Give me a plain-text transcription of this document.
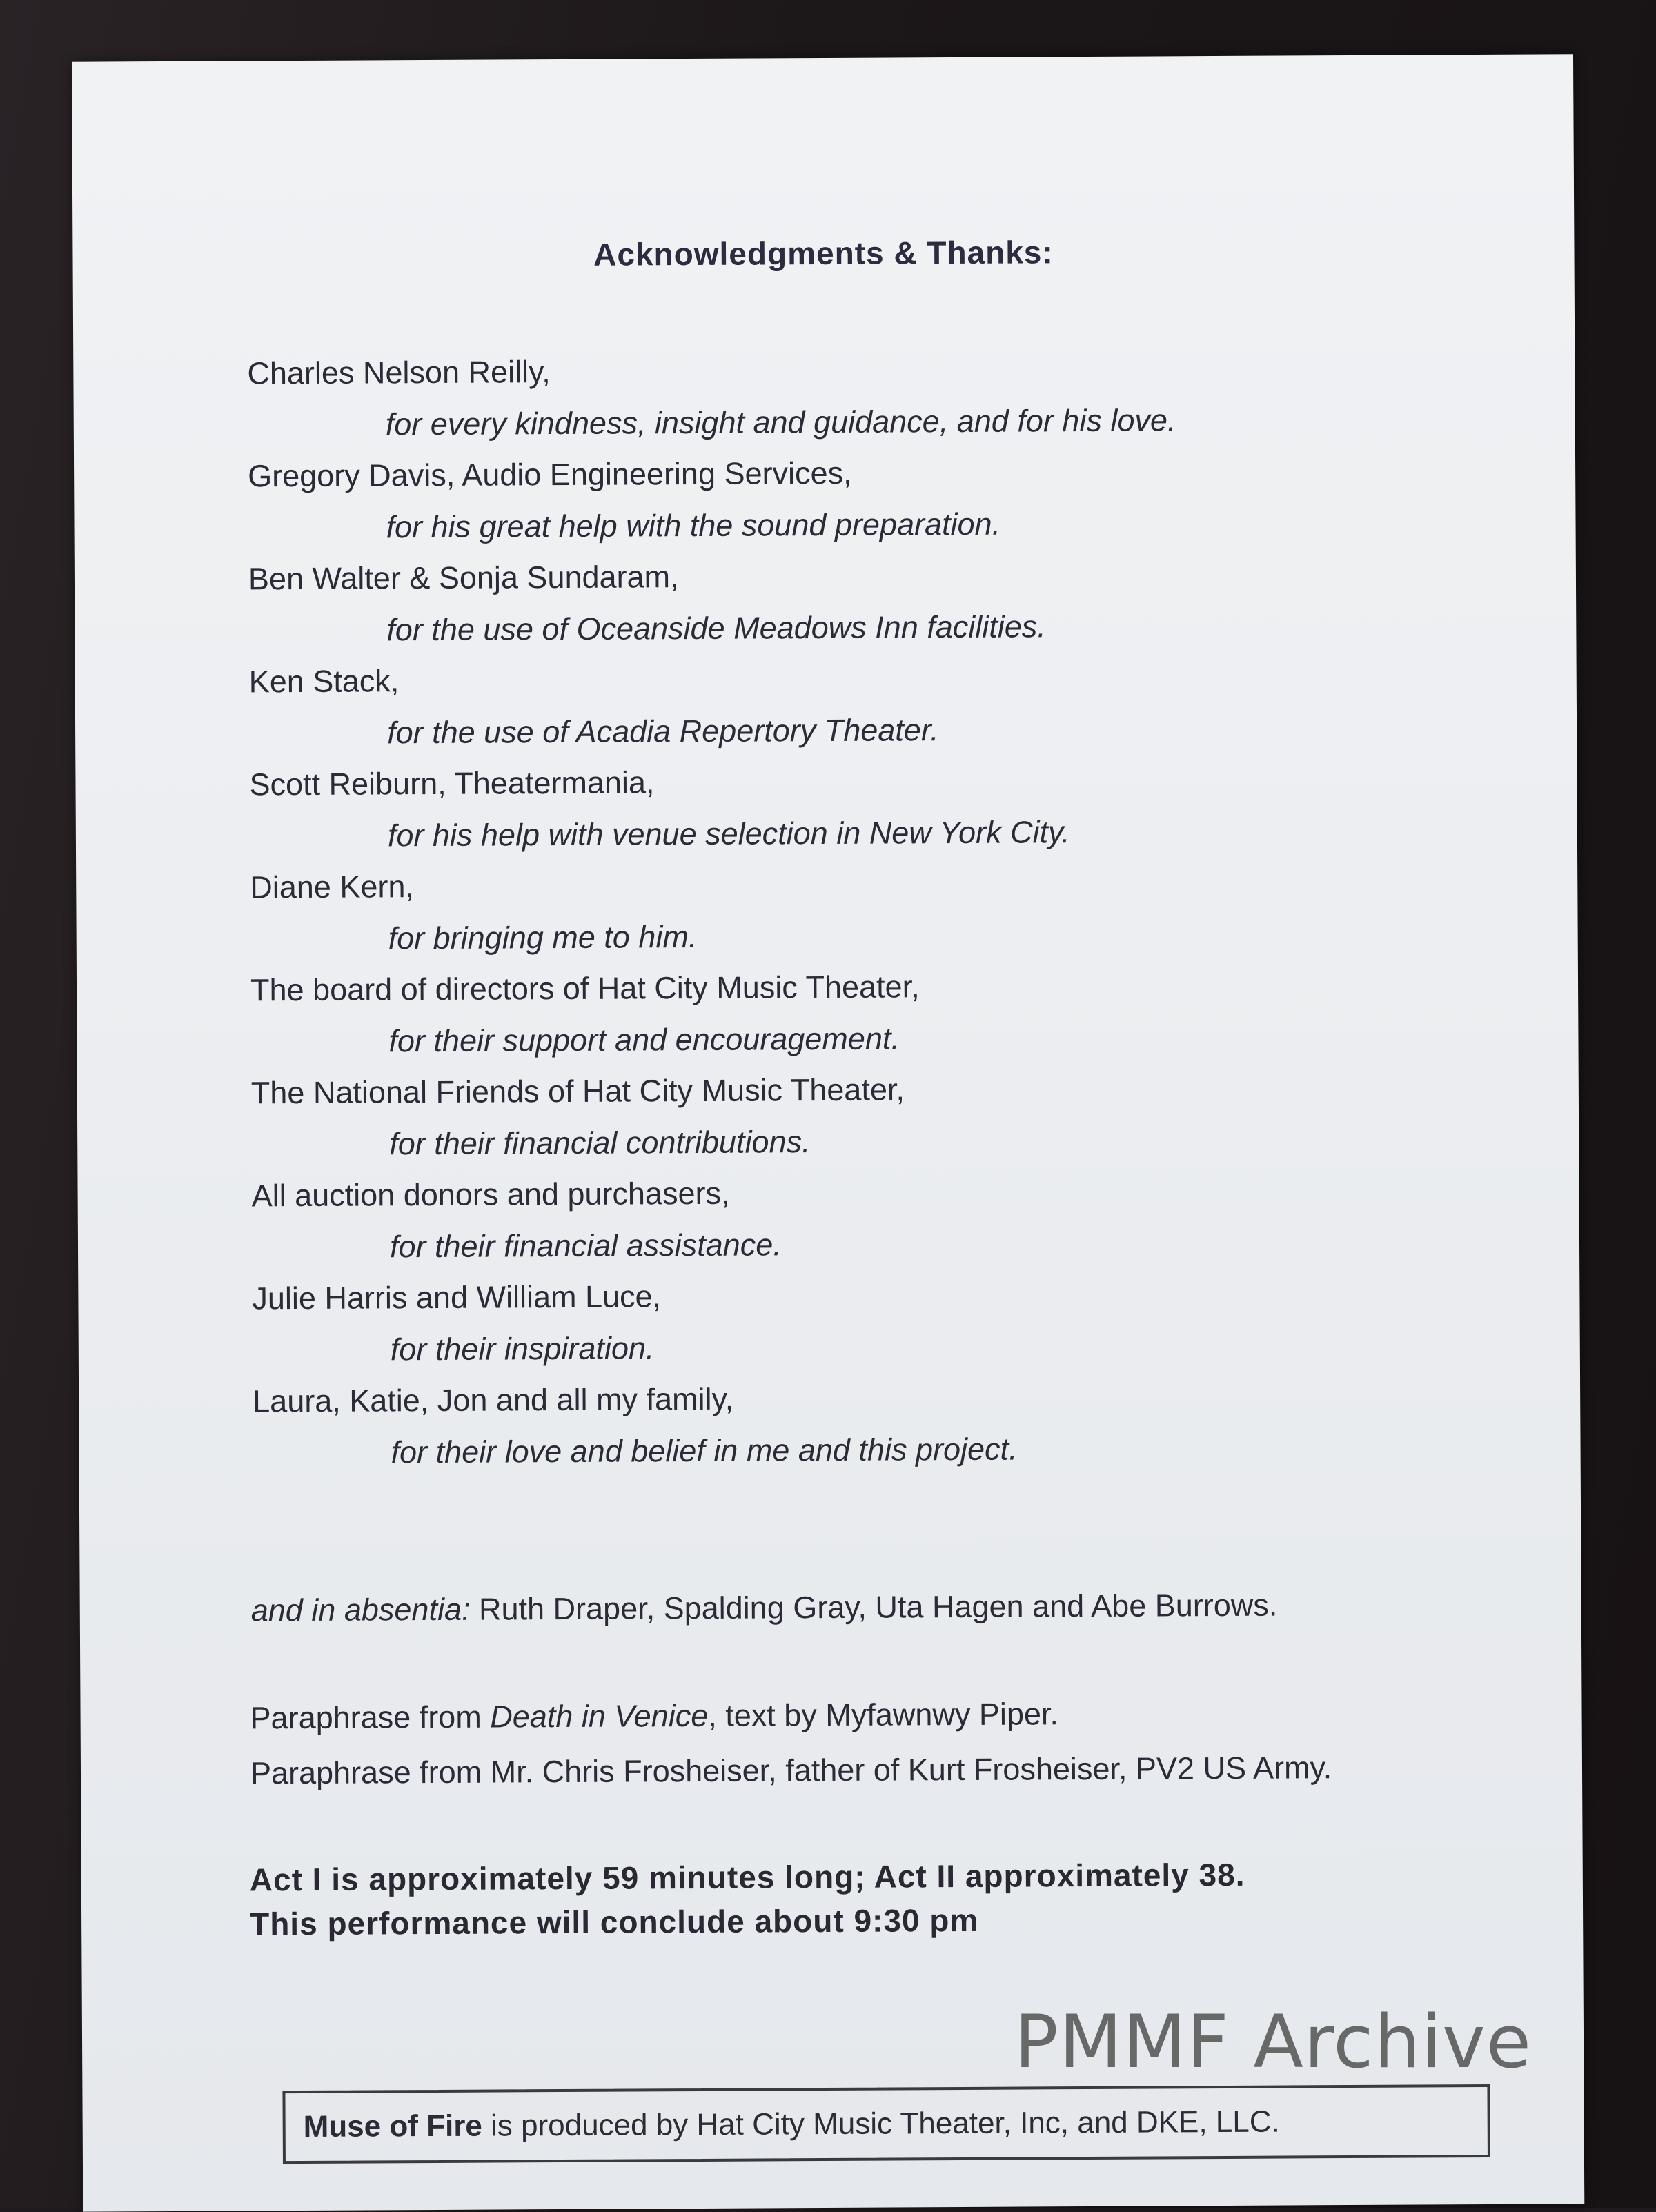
Acknowledgments & Thanks:
Charles Nelson Reilly,
for every kindness, insight and guidance, and for his love.
Gregory Davis, Audio Engineering Services,
for his great help with the sound preparation.
Ben Walter & Sonja Sundaram,
for the use of Oceanside Meadows Inn facilities.
Ken Stack,
for the use of Acadia Repertory Theater.
Scott Reiburn, Theatermania,
for his help with venue selection in New York City.
Diane Kern,
for bringing me to him.
The board of directors of Hat City Music Theater,
for their support and encouragement.
The National Friends of Hat City Music Theater,
for their financial contributions.
All auction donors and purchasers,
for their financial assistance.
Julie Harris and William Luce,
for their inspiration.
Laura, Katie, Jon and all my family,
for their love and belief in me and this project.
and in absentia: Ruth Draper, Spalding Gray, Uta Hagen and Abe Burrows.
Paraphrase from Death in Venice, text by Myfawnwy Piper.
Paraphrase from Mr. Chris Frosheiser, father of Kurt Frosheiser, PV2 US Army.
Act I is approximately 59 minutes long; Act II approximately 38.
This performance will conclude about 9:30 pm
Muse of Fire is produced by Hat City Music Theater, Inc, and DKE, LLC.
PMMF Archive
